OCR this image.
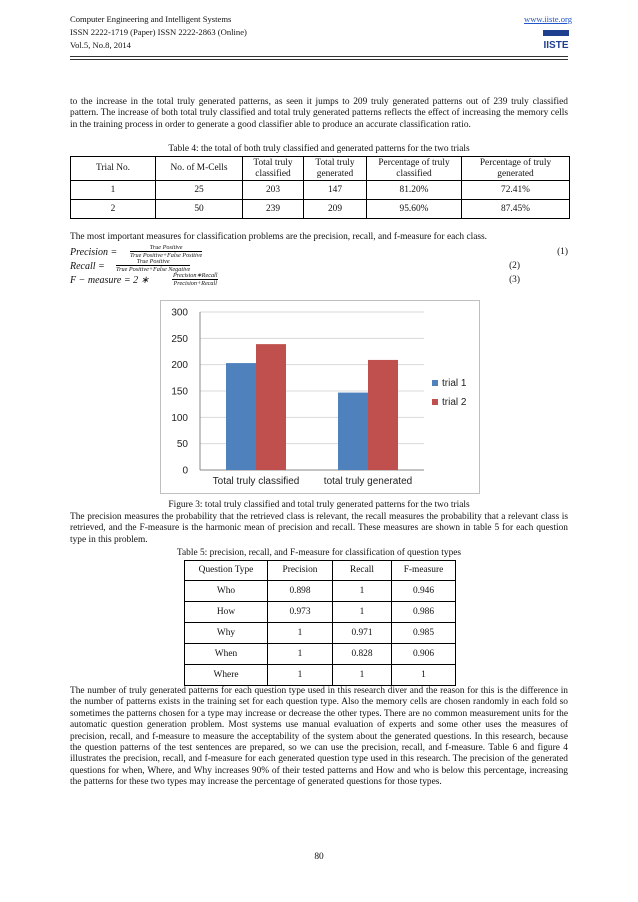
Computer Engineering and Intelligent Systems
ISSN 2222-1719 (Paper) ISSN 2222-2863 (Online)
Vol.5, No.8, 2014
www.iiste.org
IISTE
to the increase in the total truly generated patterns, as seen it jumps to 209 truly generated patterns out of 239 truly classified pattern. The increase of both total truly classified and total truly generated patterns reflects the effect of increasing the memory cells in the training process in order to generate a good classifier able to produce an accurate classification ratio.
Table 4: the total of both truly classified and generated patterns for the two trials
Trial No.	No. of M-Cells	Total truly classified	Total truly generated	Percentage of truly classified	Percentage of truly generated
1	25	203	147	81.20%	72.41%
2	50	239	209	95.60%	87.45%
The most important measures for classification problems are the precision, recall, and f-measure for each class.
Precision =	True Positive
True Positive+False Positive	(1)
Recall =	True Positive
True Positive+False Negative	(2)
F − measure = 2 ∗	Precision∗Recall
Precision+Recall	(3)
0
50
100
150
200
250
300
Total truly classified total truly generated
trial 1
trial 2
Figure 3: total truly classified and total truly generated patterns for the two trials
The precision measures the probability that the retrieved class is relevant, the recall measures the probability that a relevant class is retrieved, and the F-measure is the harmonic mean of precision and recall. These measures are shown in table 5 for each question type in this problem.
Table 5: precision, recall, and F-measure for classification of question types
Question Type	Precision	Recall	F-measure
Who	0.898	1	0.946
How	0.973	1	0.986
Why	1	0.971	0.985
When	1	0.828	0.906
Where	1	1	1
The number of truly generated patterns for each question type used in this research diver and the reason for this is the difference in the number of patterns exists in the training set for each question type. Also the memory cells are chosen randomly in each fold so sometimes the patterns chosen for a type may increase or decrease the other types. There are no common measurement units for the automatic question generation problem. Most systems use manual evaluation of experts and some other uses the measures of precision, recall, and f-measure to measure the acceptability of the system about the generated questions. In this research, because the question patterns of the test sentences are prepared, so we can use the precision, recall, and f-measure. Table 6 and figure 4 illustrates the precision, recall, and f-measure for each generated question type used in this research. The precision of the generated questions for when, Where, and Why increases 90% of their tested patterns and How and who is below this percentage, increasing the patterns for these two types may increase the percentage of generated questions for those types.
80
